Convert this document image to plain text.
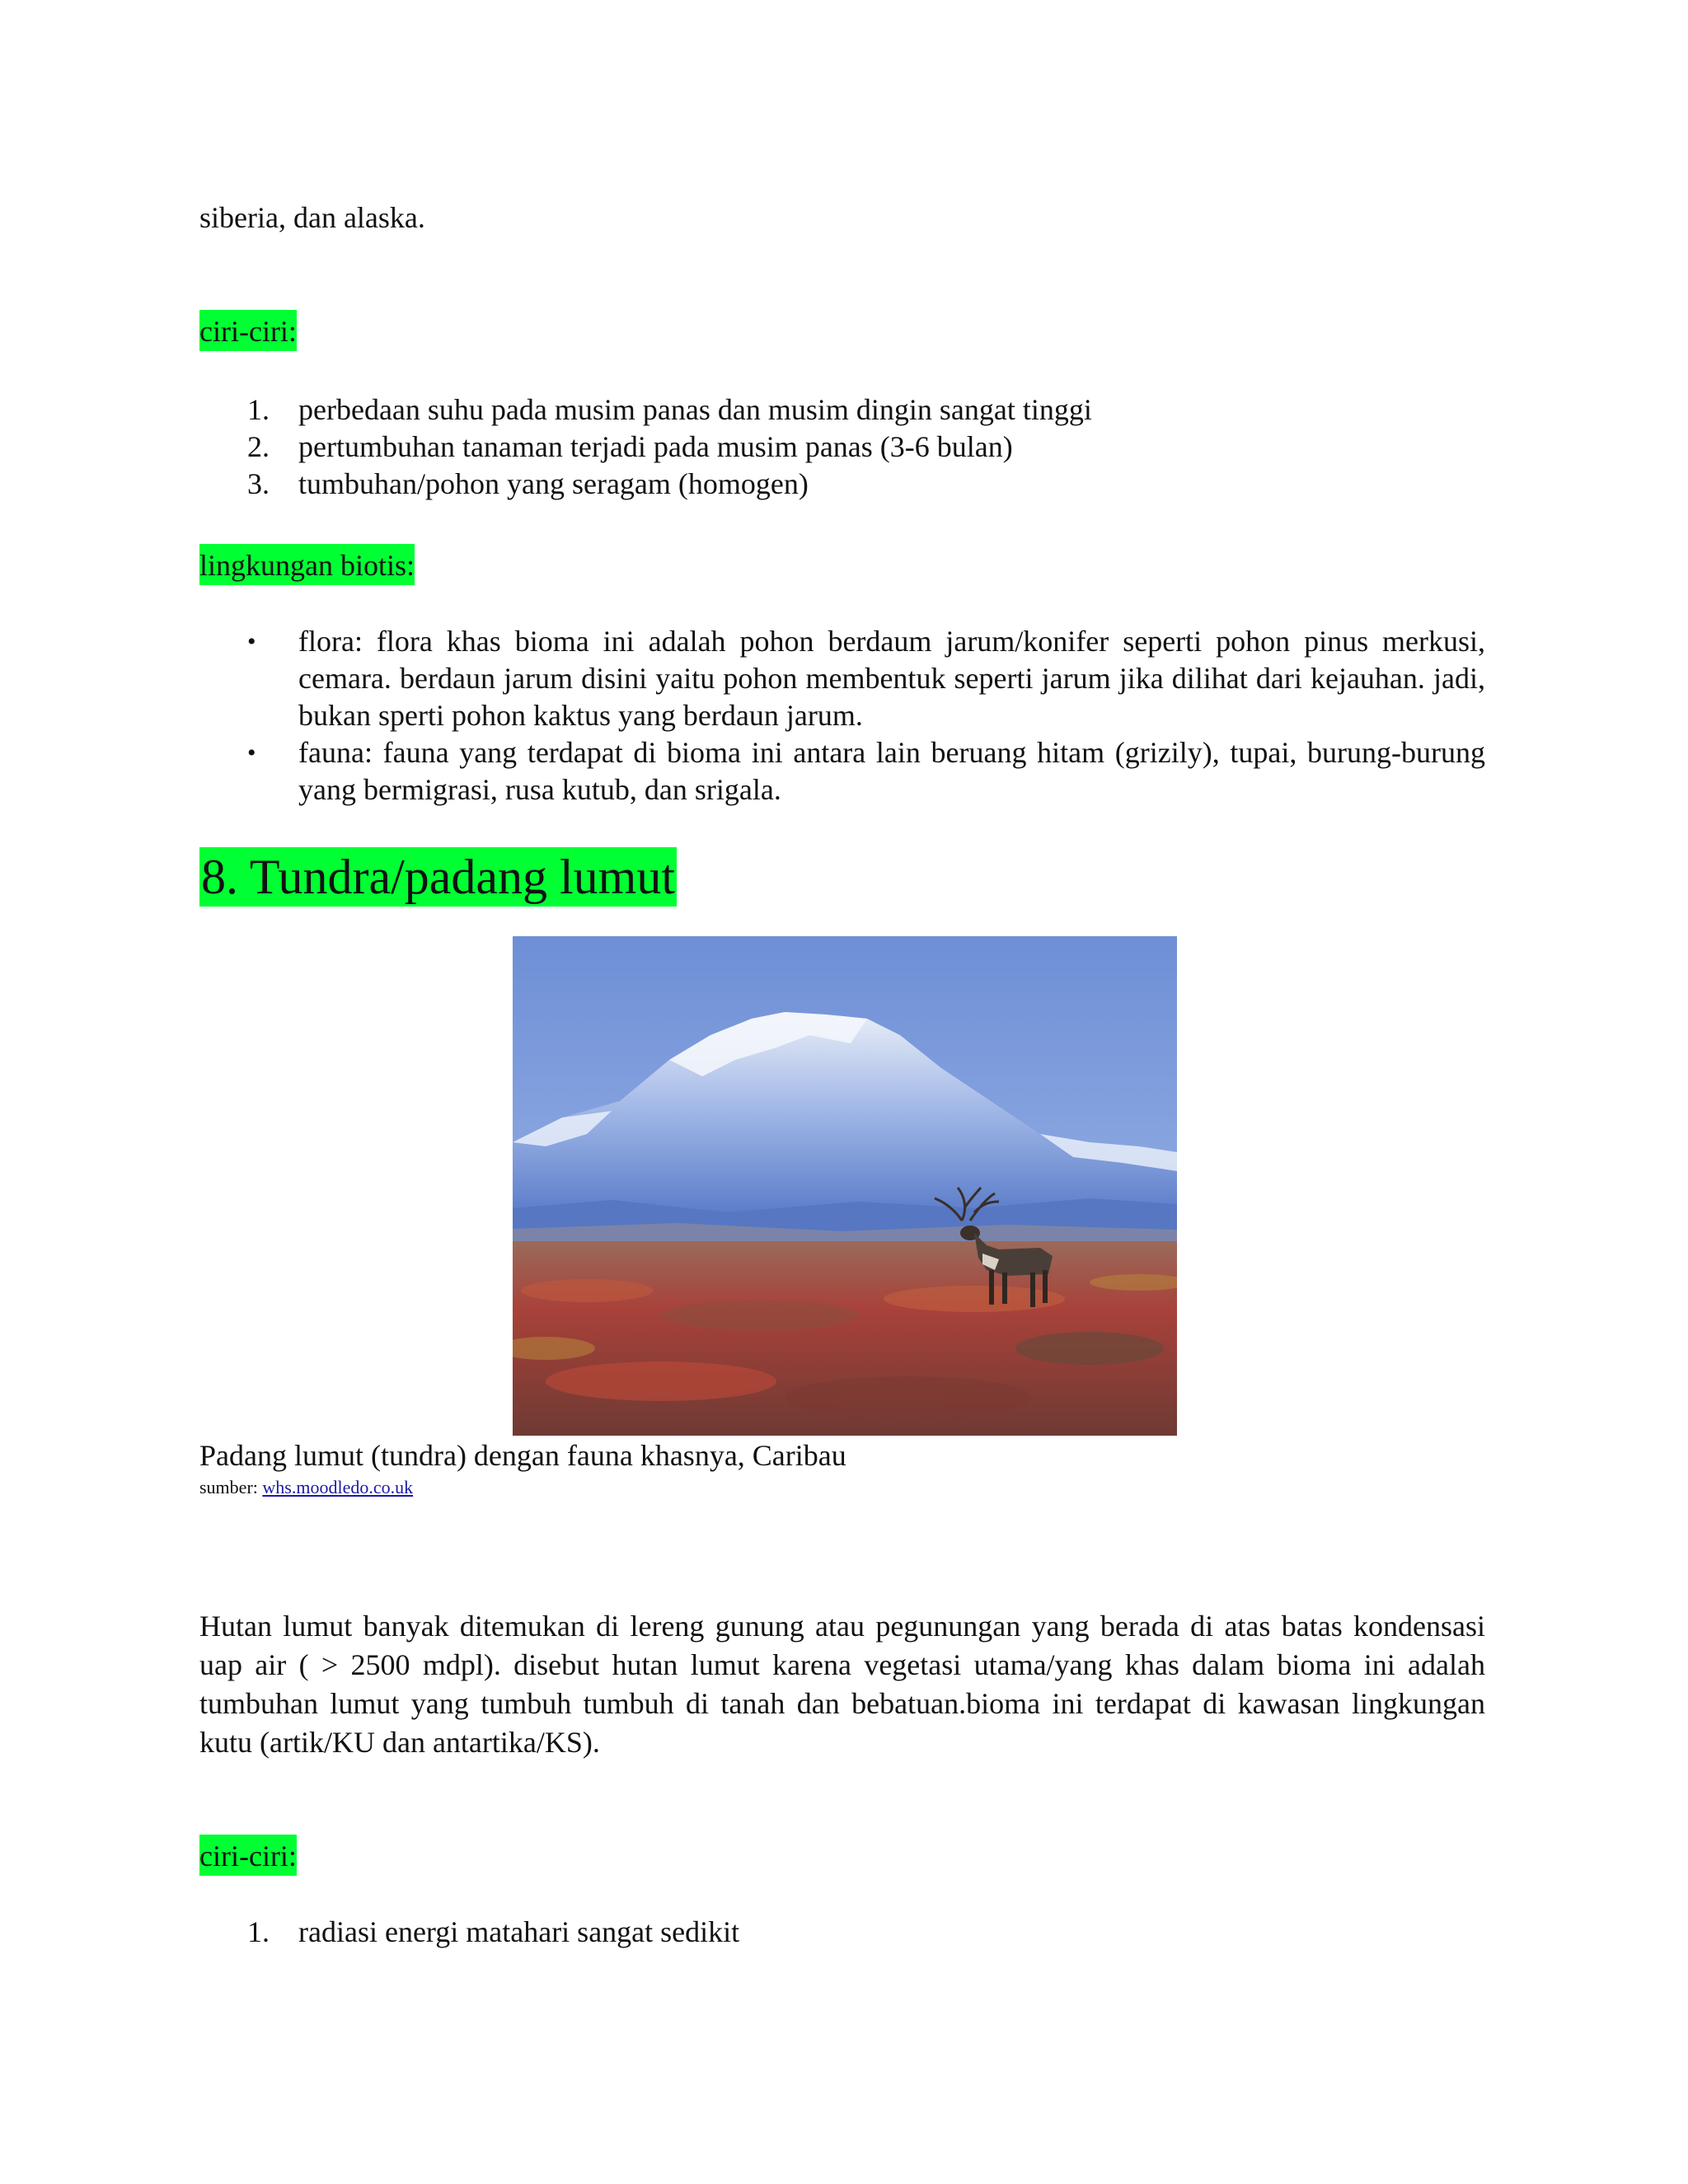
siberia, dan alaska.
ciri-ciri:
1. perbedaan suhu pada musim panas dan musim dingin sangat tinggi
2. pertumbuhan tanaman terjadi pada musim panas (3-6 bulan)
3. tumbuhan/pohon yang seragam (homogen)
lingkungan biotis:
• flora: flora khas bioma ini adalah pohon berdaum jarum/konifer seperti pohon pinus merkusi, cemara. berdaun jarum disini yaitu pohon membentuk seperti jarum jika dilihat dari kejauhan. jadi, bukan sperti pohon kaktus yang berdaun jarum.
• fauna: fauna yang terdapat di bioma ini antara lain beruang hitam (grizily), tupai, burung-burung yang bermigrasi, rusa kutub, dan srigala.
8. Tundra/padang lumut
Padang lumut (tundra) dengan fauna khasnya, Caribau
sumber: whs.moodledo.co.uk
Hutan lumut banyak ditemukan di lereng gunung atau pegunungan yang berada di atas batas kondensasi uap air ( > 2500 mdpl). disebut hutan lumut karena vegetasi utama/yang khas dalam bioma ini adalah tumbuhan lumut yang tumbuh tumbuh di tanah dan bebatuan.bioma ini terdapat di kawasan lingkungan kutu (artik/KU dan antartika/KS).
ciri-ciri:
1. radiasi energi matahari sangat sedikit
